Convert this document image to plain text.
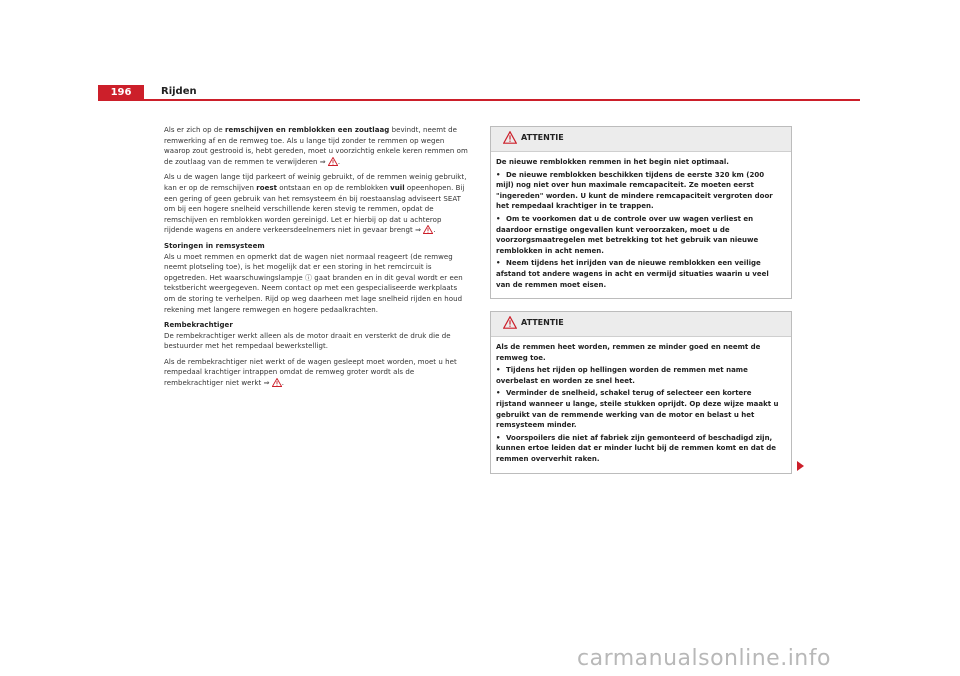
196	Rijden

Als er zich op de remschijven en remblokken een zoutlaag bevindt, neemt de remwerking af en de remweg toe. Als u lange tijd zonder te remmen op wegen waarop zout gestrooid is, hebt gereden, moet u voorzichtig enkele keren remmen om de zoutlaag van de remmen te verwijderen ⇒ .

Als u de wagen lange tijd parkeert of weinig gebruikt, of de remmen weinig gebruikt, kan er op de remschijven roest ontstaan en op de remblokken vuil opeenhopen. Bij een gering of geen gebruik van het remsysteem én bij roestaanslag adviseert SEAT om bij een hogere snelheid verschillende keren stevig te remmen, opdat de remschijven en remblokken worden gereinigd. Let er hierbij op dat u achterop rijdende wagens en andere verkeersdeelnemers niet in gevaar brengt ⇒ .

Storingen in remsysteem

Als u moet remmen en opmerkt dat de wagen niet normaal reageert (de remweg neemt plotseling toe), is het mogelijk dat er een storing in het remcircuit is opgetreden. Het waarschuwingslampje ⓘ gaat branden en in dit geval wordt er een tekstbericht weergegeven. Neem contact op met een gespecialiseerde werkplaats om de storing te verhelpen. Rijd op weg daarheen met lage snelheid rijden en houd rekening met langere remwegen en hogere pedaalkrachten.

Rembekrachtiger

De rembekrachtiger werkt alleen als de motor draait en versterkt de druk die de bestuurder met het rempedaal bewerkstelligt.

Als de rembekrachtiger niet werkt of de wagen gesleept moet worden, moet u het rempedaal krachtiger intrappen omdat de remweg groter wordt als de rembekrachtiger niet werkt ⇒ .

ATTENTIE

De nieuwe remblokken remmen in het begin niet optimaal.

• De nieuwe remblokken beschikken tijdens de eerste 320 km (200 mijl) nog niet over hun maximale remcapaciteit. Ze moeten eerst "ingereden" worden. U kunt de mindere remcapaciteit vergroten door het rempedaal krachtiger in te trappen.

• Om te voorkomen dat u de controle over uw wagen verliest en daardoor ernstige ongevallen kunt veroorzaken, moet u de voorzorgsmaatregelen met betrekking tot het gebruik van nieuwe remblokken in acht nemen.

• Neem tijdens het inrijden van de nieuwe remblokken een veilige afstand tot andere wagens in acht en vermijd situaties waarin u veel van de remmen moet eisen.

ATTENTIE

Als de remmen heet worden, remmen ze minder goed en neemt de remweg toe.

• Tijdens het rijden op hellingen worden de remmen met name overbelast en worden ze snel heet.

• Verminder de snelheid, schakel terug of selecteer een kortere rijstand wanneer u lange, steile stukken oprijdt. Op deze wijze maakt u gebruikt van de remmende werking van de motor en belast u het remsysteem minder.

• Voorspoilers die niet af fabriek zijn gemonteerd of beschadigd zijn, kunnen ertoe leiden dat er minder lucht bij de remmen komt en dat de remmen oververhit raken.

carmanualsonline.info
